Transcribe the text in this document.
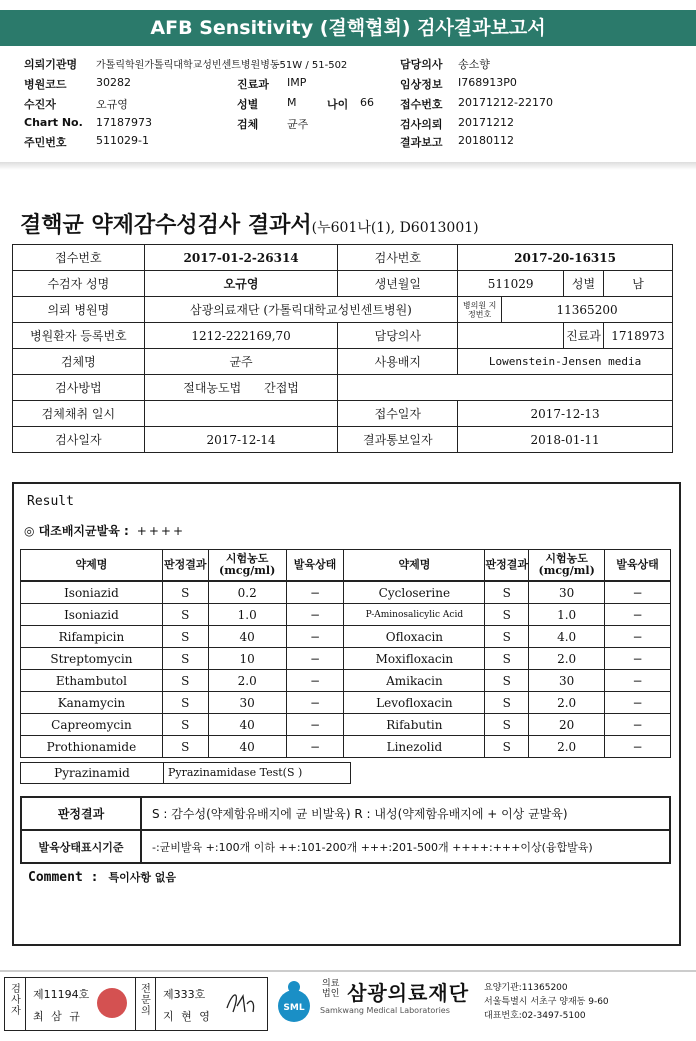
AFB Sensitivity (결핵협회) 검사결과보고서
의뢰기관명 가톨릭학원가톨릭대학교성빈센트병원병동51W / 51-502	담당의사 송소향
병원코드	30282	진료과 IMP	임상정보 I768913P0
수진자	오규영	성별	M	나이 66 접수번호 20171212-22170
Chart No. 17187973	검체	균주	검사의뢰 20171212
주민번호	511029-1	결과보고 20180112
결핵균 약제감수성검사 결과서(누601나(1), D6013001)
접수번호	2017-01-2-26314	검사번호	2017-20-16315			
수검자 성명	오규영	생년월일	511029		성별	남
의뢰 병원명	삼광의료재단 (가톨릭대학교성빈센트병원)		병의원 지정번호	11365200		
병원환자 등록번호	1212-222169,70	담당의사			진료과	1718973
검체명	균주	사용배지	Lowenstein-Jensen media			
검사방법	절대농도법 간접법					
검체채취 일시		접수일자	2017-12-13			
검사일자	2017-12-14	결과통보일자	2018-01-11			
Result
◎ 대조배지균발육 : ++++
약제명	판정결과	시험농도(mcg/ml)	발육상태	약제명	판정결과	시험농도(mcg/ml)	발육상태
Isoniazid	S	0.2	−	Cycloserine	S	30	−
Isoniazid	S	1.0	−	P-Aminosalicylic Acid	S	1.0	−
Rifampicin	S	40	−	Ofloxacin	S	4.0	−
Streptomycin	S	10	−	Moxifloxacin	S	2.0	−
Ethambutol	S	2.0	−	Amikacin	S	30	−
Kanamycin	S	30	−	Levofloxacin	S	2.0	−
Capreomycin	S	40	−	Rifabutin	S	20	−
Prothionamide	S	40	−	Linezolid	S	2.0	−
Pyrazinamid	Pyrazinamidase Test(S )
판정결과	S : 감수성(약제함유배지에 균 비발육) R : 내성(약제함유배지에 + 이상 균발육)
발육상태표시기준	-:균비발육 +:100개 이하 ++:101-200개 +++:201-500개 ++++:+++이상(융합발육)
Comment : 특이사항 없음
검사자
제11194호
최 삼 규
전문의
제333호
지 현 영
SML
의료법인 삼광의료재단
Samkwang Medical Laboratories
요양기관:11365200
서울특별시 서초구 양재동 9-60
대표번호:02-3497-5100
